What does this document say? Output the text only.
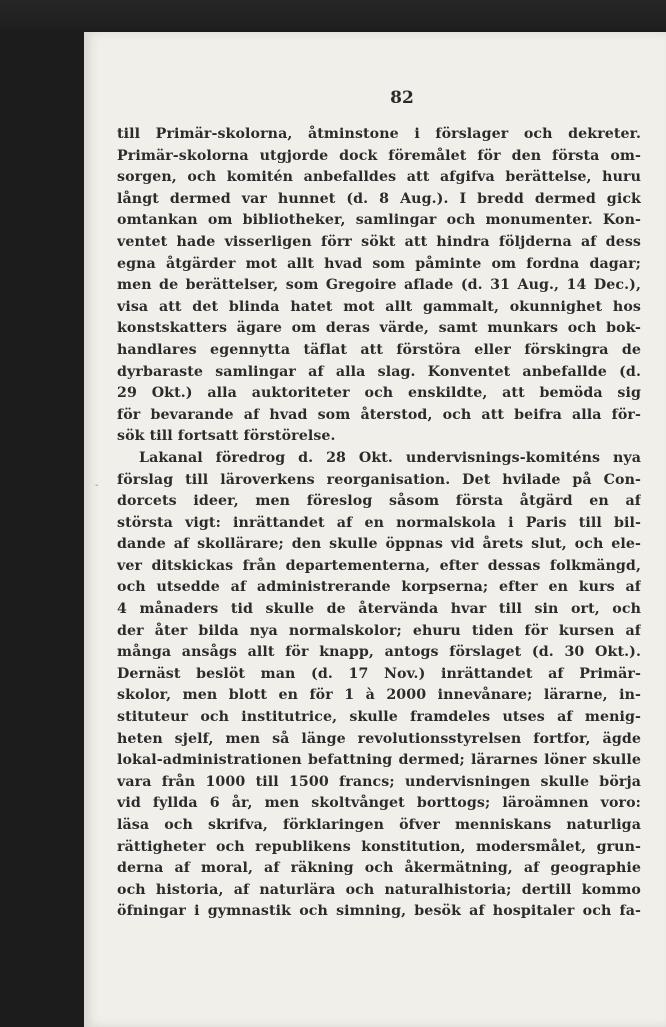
82
-
till Primär-skolorna, åtminstone i förslager och dekreter.
Primär-skolorna utgjorde dock föremålet för den första om-
sorgen, och komitén anbefalldes att afgifva berättelse, huru
långt dermed var hunnet (d. 8 Aug.). I bredd dermed gick
omtankan om bibliotheker, samlingar och monumenter. Kon-
ventet hade visserligen förr sökt att hindra följderna af dess
egna åtgärder mot allt hvad som påminte om fordna dagar;
men de berättelser, som Gregoire aflade (d. 31 Aug., 14 Dec.),
visa att det blinda hatet mot allt gammalt, okunnighet hos
konstskatters ägare om deras värde, samt munkars och bok-
handlares egennytta täflat att förstöra eller förskingra de
dyrbaraste samlingar af alla slag. Konventet anbefallde (d.
29 Okt.) alla auktoriteter och enskildte, att bemöda sig
för bevarande af hvad som återstod, och att beifra alla för-
sök till fortsatt förstörelse.
Lakanal föredrog d. 28 Okt. undervisnings-komiténs nya
förslag till läroverkens reorganisation. Det hvilade på Con-
dorcets ideer, men föreslog såsom första åtgärd en af
största vigt: inrättandet af en normalskola i Paris till bil-
dande af skollärare; den skulle öppnas vid årets slut, och ele-
ver ditskickas från departementerna, efter dessas folkmängd,
och utsedde af administrerande korpserna; efter en kurs af
4 månaders tid skulle de återvända hvar till sin ort, och
der åter bilda nya normalskolor; ehuru tiden för kursen af
många ansågs allt för knapp, antogs förslaget (d. 30 Okt.).
Dernäst beslöt man (d. 17 Nov.) inrättandet af Primär-
skolor, men blott en för 1 à 2000 innevånare; lärarne, in-
stituteur och institutrice, skulle framdeles utses af menig-
heten sjelf, men så länge revolutionsstyrelsen fortfor, ägde
lokal-administrationen befattning dermed; lärarnes löner skulle
vara från 1000 till 1500 francs; undervisningen skulle börja
vid fyllda 6 år, men skoltvånget borttogs; läroämnen voro:
läsa och skrifva, förklaringen öfver menniskans naturliga
rättigheter och republikens konstitution, modersmålet, grun-
derna af moral, af räkning och åkermätning, af geographie
och historia, af naturlära och naturalhistoria; dertill kommo
öfningar i gymnastik och simning, besök af hospitaler och fa-
